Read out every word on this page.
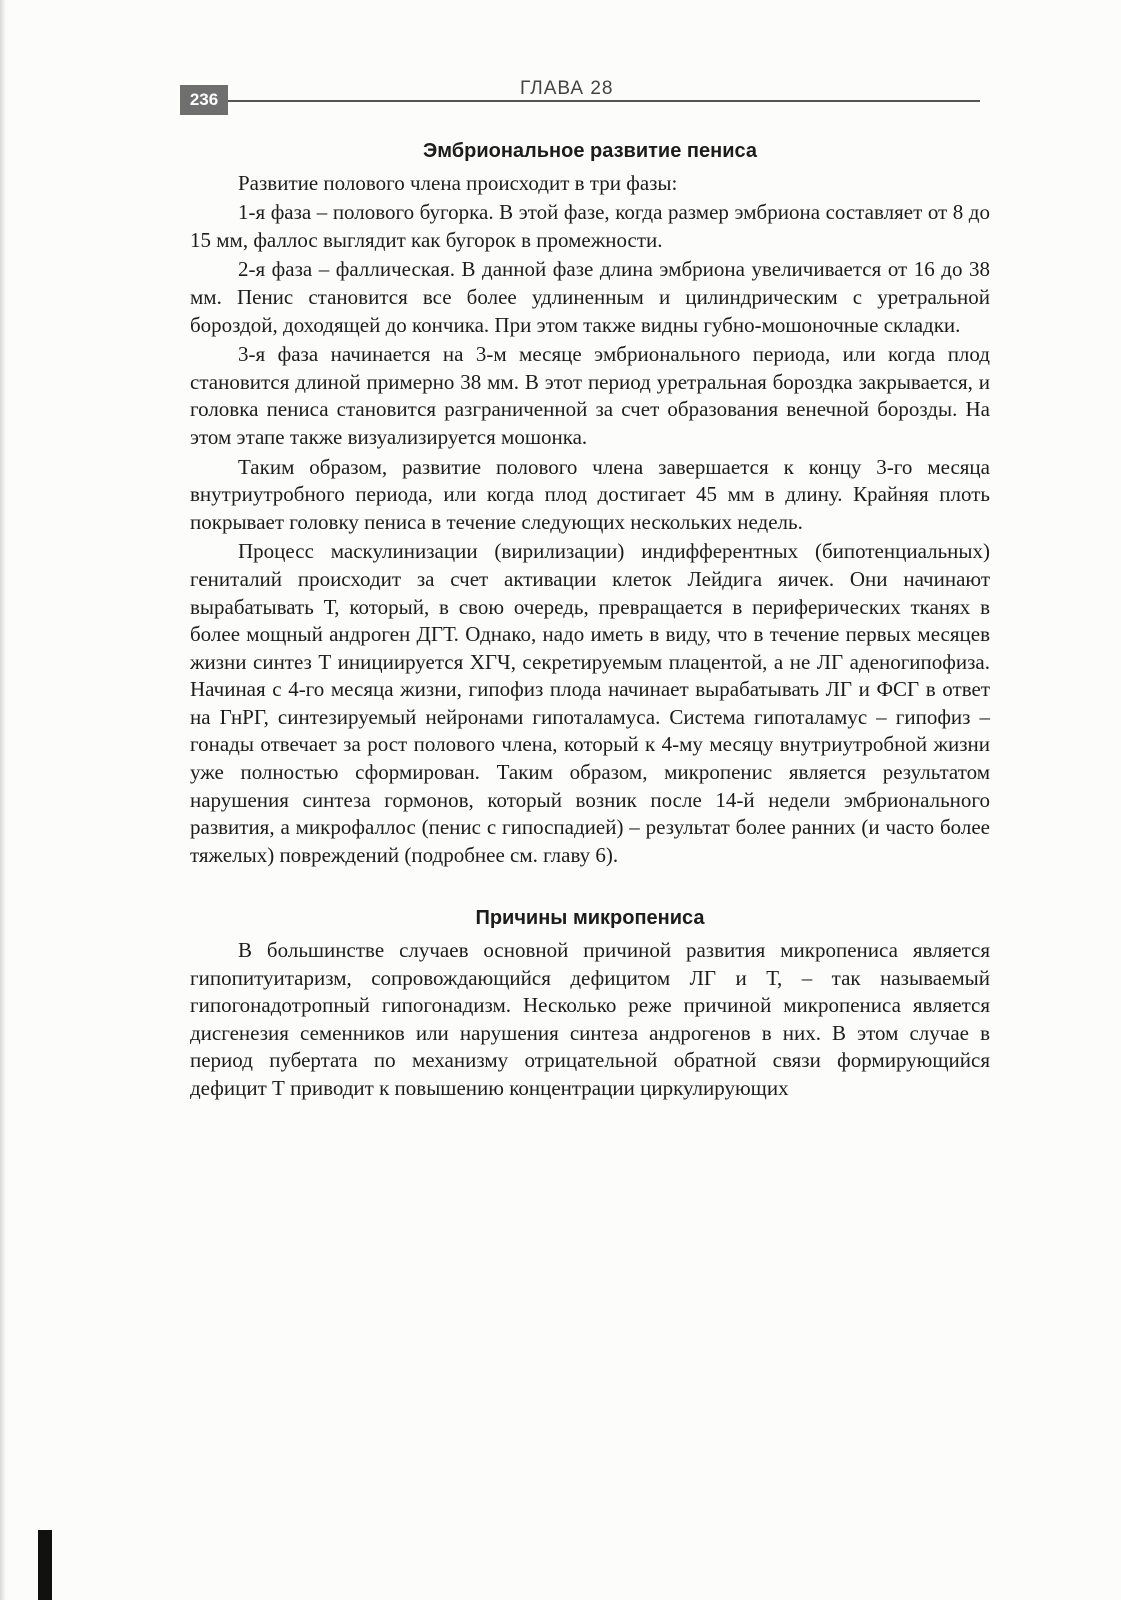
236
ГЛАВА 28
Эмбриональное развитие пениса

Развитие полового члена происходит в три фазы:

1-я фаза – полового бугорка. В этой фазе, когда размер эмбриона составляет от 8 до 15 мм, фаллос выглядит как бугорок в промежности.

2-я фаза – фаллическая. В данной фазе длина эмбриона увеличивается от 16 до 38 мм. Пенис становится все более удлиненным и цилиндрическим с уретральной бороздой, доходящей до кончика. При этом также видны губно-мошоночные складки.

3-я фаза начинается на 3-м месяце эмбрионального периода, или когда плод становится длиной примерно 38 мм. В этот период уретральная бороздка закрывается, и головка пениса становится разграниченной за счет образования венечной борозды. На этом этапе также визуализируется мошонка.

Таким образом, развитие полового члена завершается к концу 3-го месяца внутриутробного периода, или когда плод достигает 45 мм в длину. Крайняя плоть покрывает головку пениса в течение следующих нескольких недель.

Процесс маскулинизации (вирилизации) индифферентных (бипотенциальных) гениталий происходит за счет активации клеток Лейдига яичек. Они начинают вырабатывать Т, который, в свою очередь, превращается в периферических тканях в более мощный андроген ДГТ. Однако, надо иметь в виду, что в течение первых месяцев жизни синтез Т инициируется ХГЧ, секретируемым плацентой, а не ЛГ аденогипофиза. Начиная с 4-го месяца жизни, гипофиз плода начинает вырабатывать ЛГ и ФСГ в ответ на ГнРГ, синтезируемый нейронами гипоталамуса. Система гипоталамус – гипофиз – гонады отвечает за рост полового члена, который к 4-му месяцу внутриутробной жизни уже полностью сформирован. Таким образом, микропенис является результатом нарушения синтеза гормонов, который возник после 14-й недели эмбрионального развития, а микрофаллос (пенис с гипоспадией) – результат более ранних (и часто более тяжелых) повреждений (подробнее см. главу 6).

Причины микропениса

В большинстве случаев основной причиной развития микропениса является гипопитуитаризм, сопровождающийся дефицитом ЛГ и Т, – так называемый гипогонадотропный гипогонадизм. Несколько реже причиной микропениса является дисгенезия семенников или нарушения синтеза андрогенов в них. В этом случае в период пубертата по механизму отрицательной обратной связи формирующийся дефицит Т приводит к повышению концентрации циркулирующих
